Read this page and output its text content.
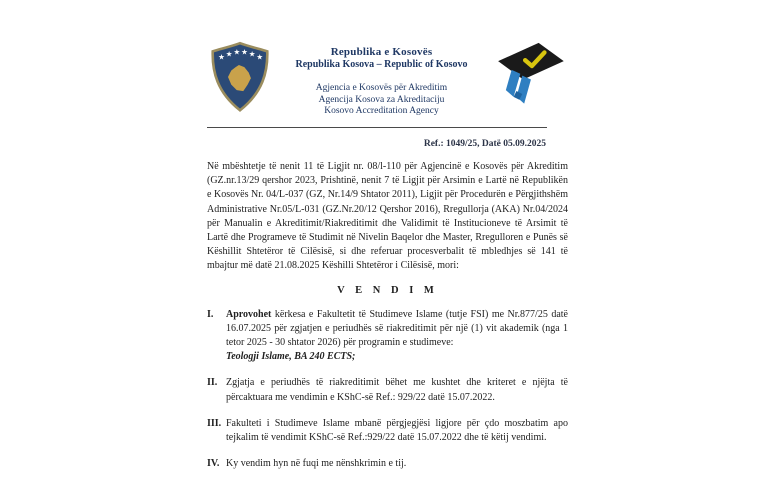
★ ★ ★ ★ ★ ★	Republika e Kosovës
Republika Kosova – Republic of Kosovo
Agjencia e Kosovës për Akreditim
Agencija Kosova za Akreditaciju
Kosovo Accreditation Agency
Ref.: 1049/25, Datë 05.09.2025

Në mbështetje të nenit 11 të Ligjit nr. 08/l-110 për Agjencinë e Kosovës për Akreditim (GZ.nr.13/29 qershor 2023, Prishtinë, nenit 7 të Ligjit për Arsimin e Lartë në Republikën e Kosovës Nr. 04/L-037 (GZ, Nr.14/9 Shtator 2011), Ligjit për Procedurën e Përgjithshëm Administrative Nr.05/L-031 (GZ.Nr.20/12 Qershor 2016), Rregullorja (AKA) Nr.04/2024 për Manualin e Akreditimit/Riakreditimit dhe Validimit të Institucioneve të Arsimit të Lartë dhe Programeve të Studimit në Nivelin Baqelor dhe Master, Rregulloren e Punës së Këshillit Shtetëror të Cilësisë, si dhe referuar procesverbalit të mbledhjes së 141 të mbajtur më datë 21.08.2025 Këshilli Shtetëror i Cilësisë, mori:

V E N D I M
I.	Aprovohet kërkesa e Fakultetit të Studimeve Islame (tutje FSI) me Nr.877/25 datë 16.07.2025 për zgjatjen e periudhës së riakreditimit për një (1) vit akademik (nga 1 tetor 2025 - 30 shtator 2026) për programin e studimeve:
Teologji Islame, BA 240 ECTS;
II. Zgjatja e periudhës të riakreditimit bëhet me kushtet dhe kriteret e njëjta të përcaktuara me vendimin e KShC-së Ref.: 929/22 datë 15.07.2022.
III. Fakulteti i Studimeve Islame mbanë përgjegjësi ligjore për çdo moszbatim apo tejkalim të vendimit KShC-së Ref.:929/22 datë 15.07.2022 dhe të këtij vendimi.
IV. Ky vendim hyn në fuqi me nënshkrimin e tij.
